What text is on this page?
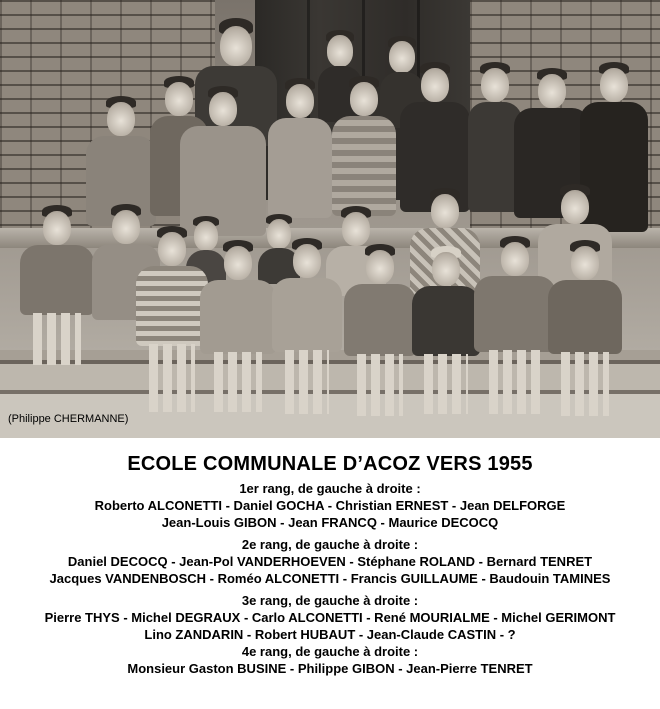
(Philippe CHERMANNE)

ECOLE COMMUNALE D’ACOZ VERS 1955

1er rang, de gauche à droite :
Roberto ALCONETTI - Daniel GOCHA - Christian ERNEST - Jean DELFORGE
Jean-Louis GIBON - Jean FRANCQ - Maurice DECOCQ
2e rang, de gauche à droite :
Daniel DECOCQ - Jean-Pol VANDERHOEVEN - Stéphane ROLAND - Bernard TENRET
Jacques VANDENBOSCH - Roméo ALCONETTI - Francis GUILLAUME - Baudouin TAMINES
3e rang, de gauche à droite :
Pierre THYS - Michel DEGRAUX - Carlo ALCONETTI - René MOURIALME - Michel GERIMONT
Lino ZANDARIN - Robert HUBAUT - Jean-Claude CASTIN - ?
4e rang, de gauche à droite :
Monsieur Gaston BUSINE - Philippe GIBON - Jean-Pierre TENRET
